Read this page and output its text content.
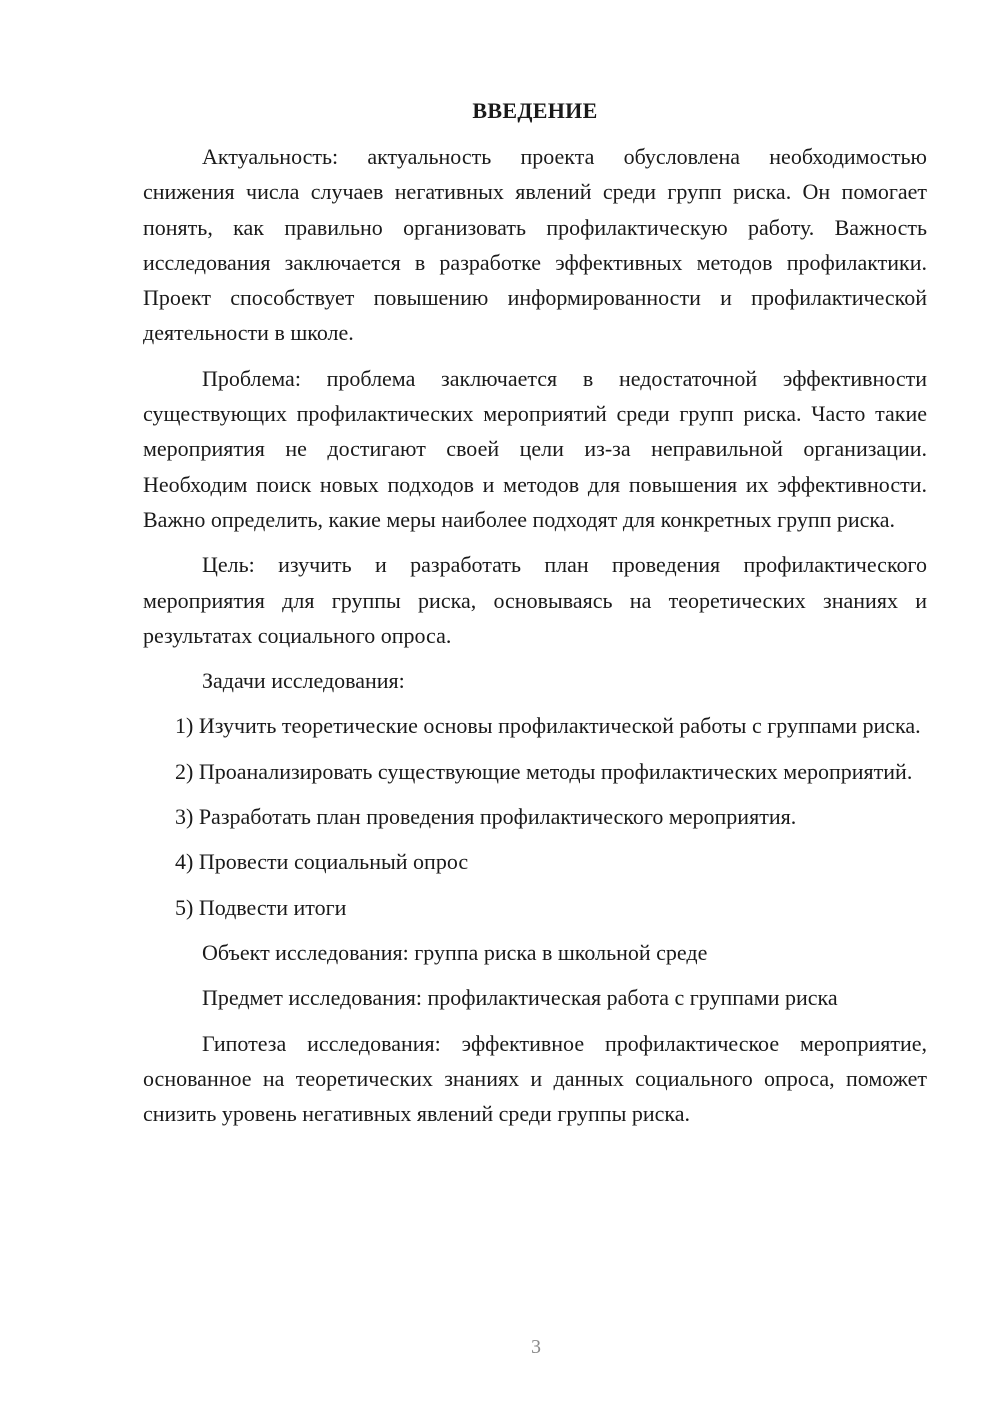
ВВЕДЕНИЕ

Актуальность: актуальность проекта обусловлена необходимостью снижения числа случаев негативных явлений среди групп риска. Он помогает понять, как правильно организовать профилактическую работу. Важность исследования заключается в разработке эффективных методов профилактики. Проект способствует повышению информированности и профилактической деятельности в школе.

Проблема: проблема заключается в недостаточной эффективности существующих профилактических мероприятий среди групп риска. Часто такие мероприятия не достигают своей цели из-за неправильной организации. Необходим поиск новых подходов и методов для повышения их эффективности. Важно определить, какие меры наиболее подходят для конкретных групп риска.

Цель: изучить и разработать план проведения профилактического мероприятия для группы риска, основываясь на теоретических знаниях и результатах социального опроса.

Задачи исследования:

1) Изучить теоретические основы профилактической работы с группами риска.

2) Проанализировать существующие методы профилактических мероприятий.

3) Разработать план проведения профилактического мероприятия.

4) Провести социальный опрос

5) Подвести итоги

Объект исследования: группа риска в школьной среде

Предмет исследования: профилактическая работа с группами риска

Гипотеза исследования: эффективное профилактическое мероприятие, основанное на теоретических знаниях и данных социального опроса, поможет снизить уровень негативных явлений среди группы риска.

3
